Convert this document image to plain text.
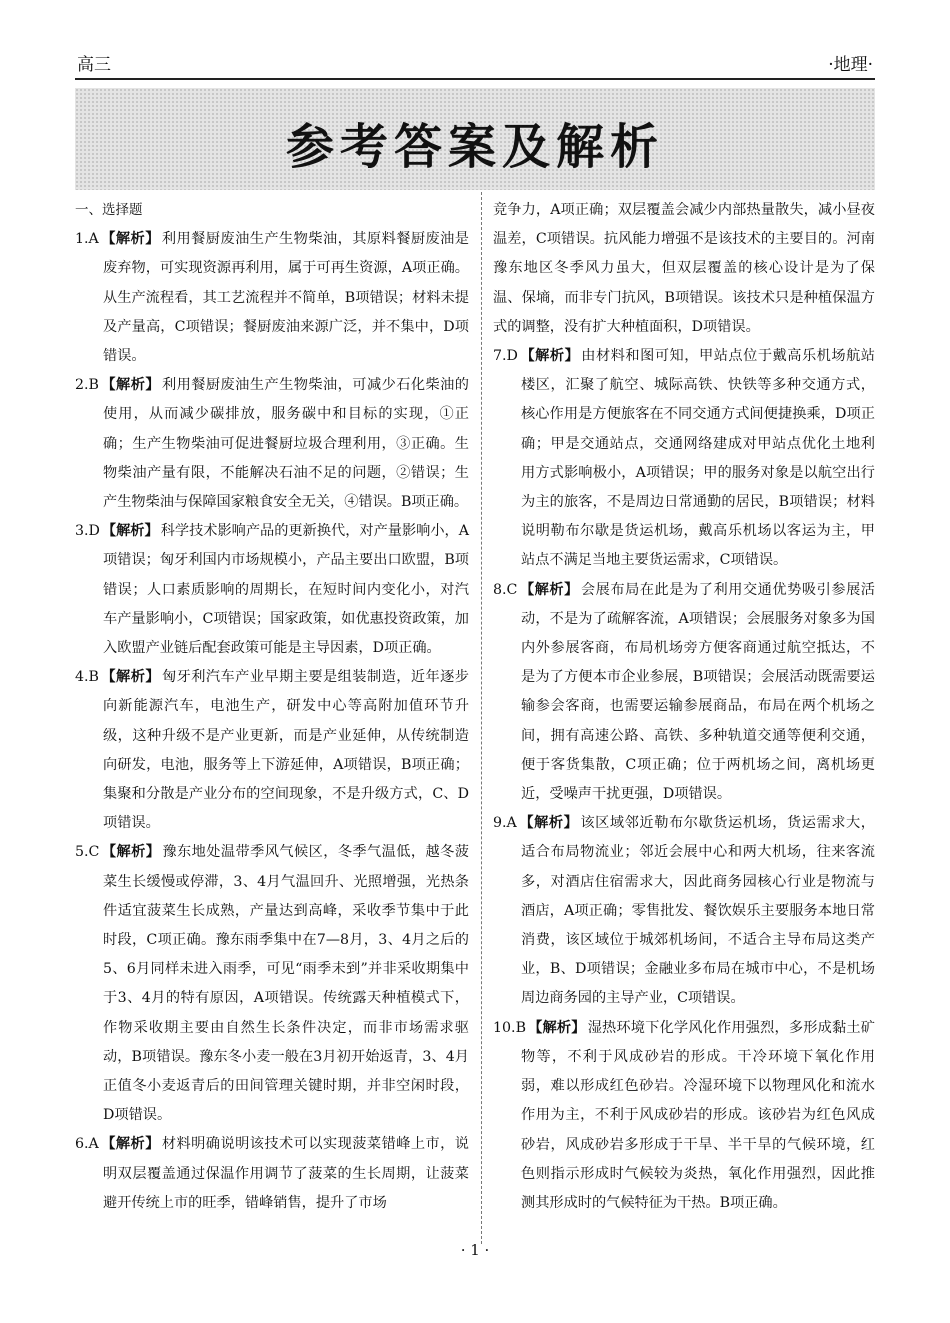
高三	·地理·
参考答案及解析
一、选择题
1.A 【解析】 利用餐厨废油生产生物柴油，其原料餐厨废油是废弃物，可实现资源再利用，属于可再生资源，A项正确。从生产流程看，其工艺流程并不简单，B项错误；材料未提及产量高，C项错误；餐厨废油来源广泛，并不集中，D项错误。
2.B 【解析】 利用餐厨废油生产生物柴油，可减少石化柴油的使用，从而减少碳排放，服务碳中和目标的实现，①正确；生产生物柴油可促进餐厨垃圾合理利用，③正确。生物柴油产量有限，不能解决石油不足的问题，②错误；生产生物柴油与保障国家粮食安全无关，④错误。B项正确。
3.D 【解析】 科学技术影响产品的更新换代，对产量影响小，A项错误；匈牙利国内市场规模小，产品主要出口欧盟，B项错误；人口素质影响的周期长，在短时间内变化小，对汽车产量影响小，C项错误；国家政策，如优惠投资政策，加入欧盟产业链后配套政策可能是主导因素，D项正确。
4.B 【解析】 匈牙利汽车产业早期主要是组装制造，近年逐步向新能源汽车，电池生产，研发中心等高附加值环节升级，这种升级不是产业更新，而是产业延伸，从传统制造向研发，电池，服务等上下游延伸，A项错误，B项正确；集聚和分散是产业分布的空间现象，不是升级方式，C、D项错误。
5.C 【解析】 豫东地处温带季风气候区，冬季气温低，越冬菠菜生长缓慢或停滞，3、4月气温回升、光照增强，光热条件适宜菠菜生长成熟，产量达到高峰，采收季节集中于此时段，C项正确。豫东雨季集中在7—8月，3、4月之后的5、6月同样未进入雨季，可见“雨季未到”并非采收期集中于3、4月的特有原因，A项错误。传统露天种植模式下，作物采收期主要由自然生长条件决定，而非市场需求驱动，B项错误。豫东冬小麦一般在3月初开始返青，3、4月正值冬小麦返青后的田间管理关键时期，并非空闲时段，D项错误。
6.A 【解析】 材料明确说明该技术可以实现菠菜错峰上市，说明双层覆盖通过保温作用调节了菠菜的生长周期，让菠菜避开传统上市的旺季，错峰销售，提升了市场
竞争力，A项正确；双层覆盖会减少内部热量散失，减小昼夜温差，C项错误。抗风能力增强不是该技术的主要目的。河南豫东地区冬季风力虽大，但双层覆盖的核心设计是为了保温、保墒，而非专门抗风，B项错误。该技术只是种植保温方式的调整，没有扩大种植面积，D项错误。
7.D 【解析】 由材料和图可知，甲站点位于戴高乐机场航站楼区，汇聚了航空、城际高铁、快铁等多种交通方式，核心作用是方便旅客在不同交通方式间便捷换乘，D项正确；甲是交通站点，交通网络建成对甲站点优化土地利用方式影响极小，A项错误；甲的服务对象是以航空出行为主的旅客，不是周边日常通勤的居民，B项错误；材料说明勒布尔歇是货运机场，戴高乐机场以客运为主，甲站点不满足当地主要货运需求，C项错误。
8.C 【解析】 会展布局在此是为了利用交通优势吸引参展活动，不是为了疏解客流，A项错误；会展服务对象多为国内外参展客商，布局机场旁方便客商通过航空抵达，不是为了方便本市企业参展，B项错误；会展活动既需要运输参会客商，也需要运输参展商品，布局在两个机场之间，拥有高速公路、高铁、多种轨道交通等便利交通，便于客货集散，C项正确；位于两机场之间，离机场更近，受噪声干扰更强，D项错误。
9.A 【解析】 该区域邻近勒布尔歇货运机场，货运需求大，适合布局物流业；邻近会展中心和两大机场，往来客流多，对酒店住宿需求大，因此商务园核心行业是物流与酒店，A项正确；零售批发、餐饮娱乐主要服务本地日常消费，该区域位于城郊机场间，不适合主导布局这类产业，B、D项错误；金融业多布局在城市中心，不是机场周边商务园的主导产业，C项错误。
10.B 【解析】 湿热环境下化学风化作用强烈，多形成黏土矿物等，不利于风成砂岩的形成。干冷环境下氧化作用弱，难以形成红色砂岩。冷湿环境下以物理风化和流水作用为主，不利于风成砂岩的形成。该砂岩为红色风成砂岩，风成砂岩多形成于干旱、半干旱的气候环境，红色则指示形成时气候较为炎热，氧化作用强烈，因此推测其形成时的气候特征为干热。B项正确。
· 1 ·
